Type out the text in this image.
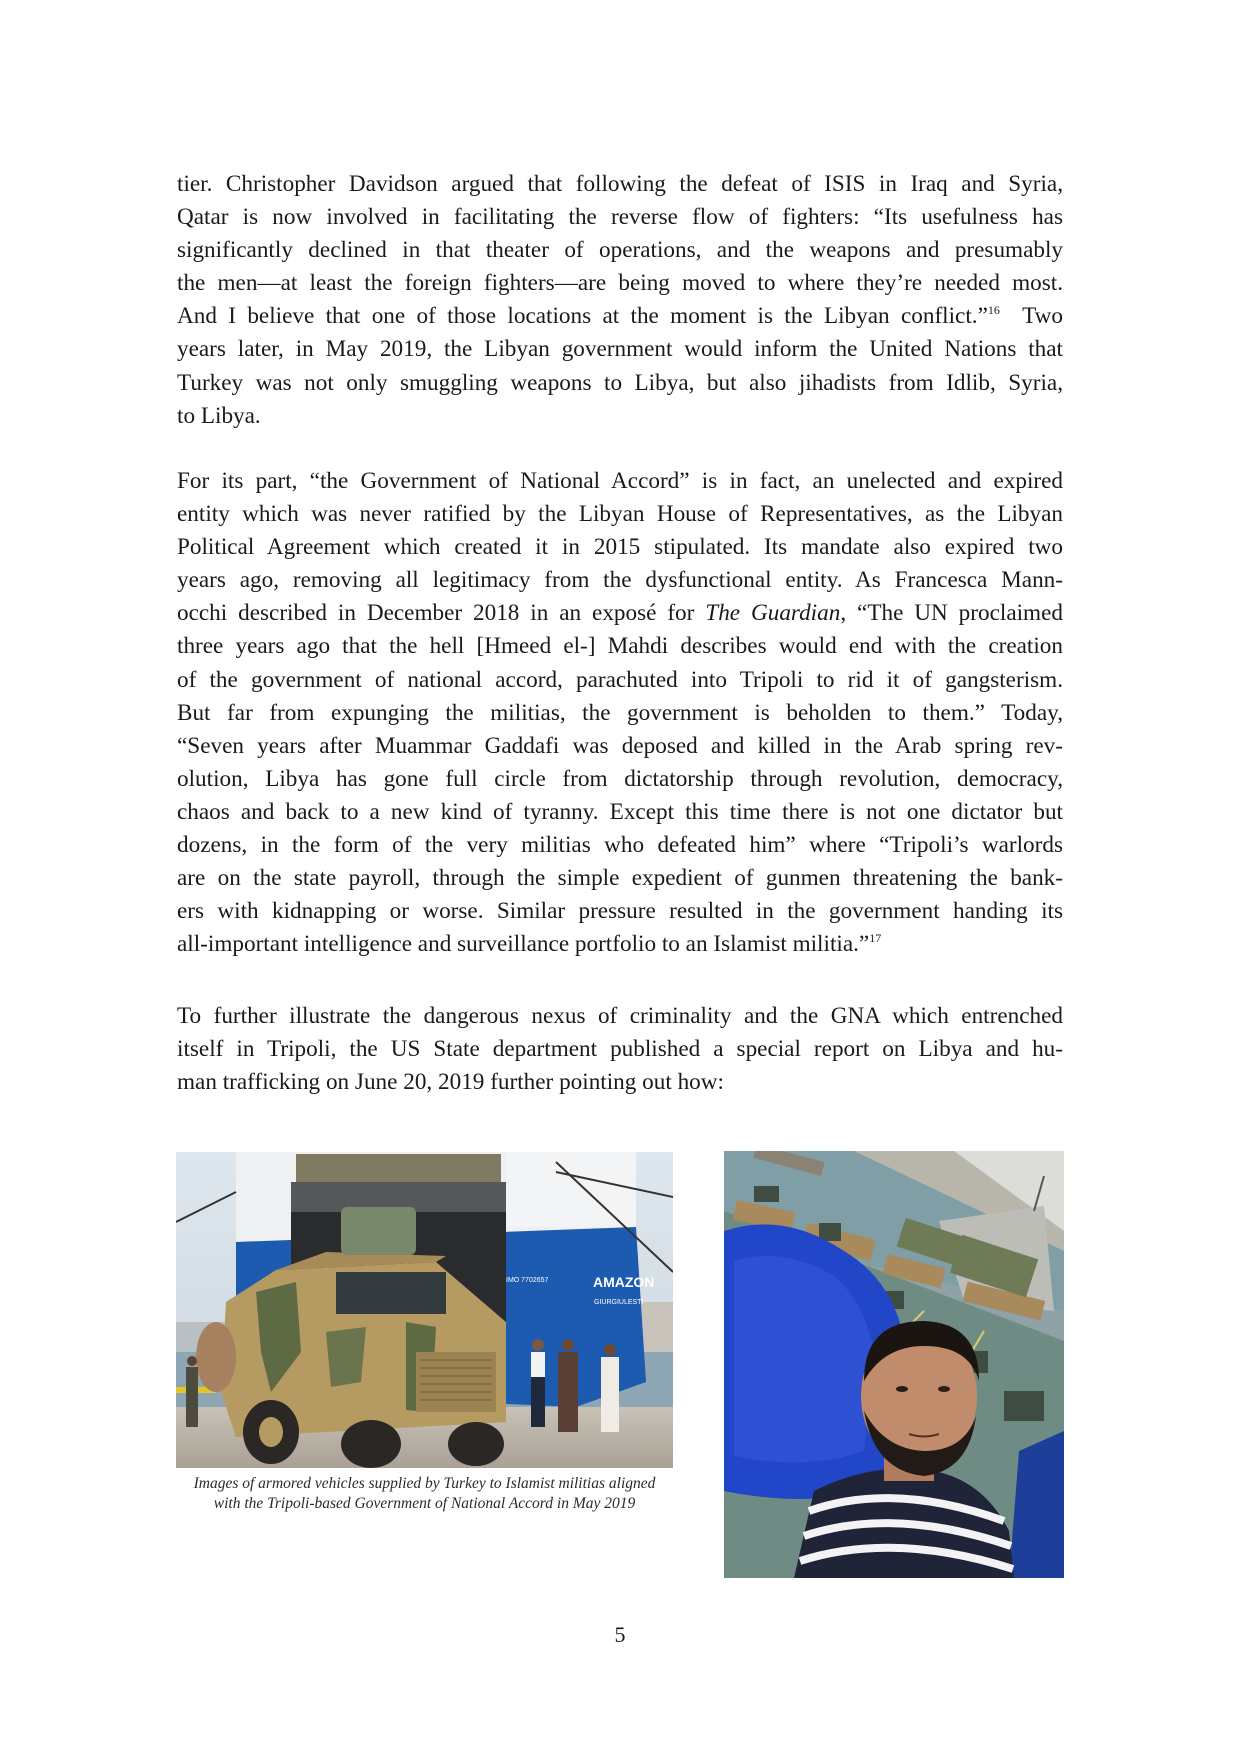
tier. Christopher Davidson argued that following the defeat of ISIS in Iraq and Syria,
Qatar is now involved in facilitating the reverse flow of fighters: “Its usefulness has
significantly declined in that theater of operations, and the weapons and presumably
the men—at least the foreign fighters—are being moved to where they’re needed most.
And I believe that one of those locations at the moment is the Libyan conflict.”$^{16}$  Two
years later, in May 2019, the Libyan government would inform the United Nations that
Turkey was not only smuggling weapons to Libya, but also jihadists from Idlib, Syria,
to Libya.

For its part, “the Government of National Accord” is in fact, an unelected and expired
entity which was never ratified by the Libyan House of Representatives, as the Libyan
Political Agreement which created it in 2015 stipulated. Its mandate also expired two
years ago, removing all legitimacy from the dysfunctional entity. As Francesca Mann-
occhi described in December 2018 in an exposé for The Guardian, “The UN proclaimed
three years ago that the hell [Hmeed el-] Mahdi describes would end with the creation
of the government of national accord, parachuted into Tripoli to rid it of gangsterism.
But far from expunging the militias, the government is beholden to them.” Today,
“Seven years after Muammar Gaddafi was deposed and killed in the Arab spring rev-
olution, Libya has gone full circle from dictatorship through revolution, democracy,
chaos and back to a new kind of tyranny. Except this time there is not one dictator but
dozens, in the form of the very militias who defeated him” where “Tripoli’s warlords
are on the state payroll, through the simple expedient of gunmen threatening the bank-
ers with kidnapping or worse. Similar pressure resulted in the government handing its
all-important intelligence and surveillance portfolio to an Islamist militia.”$^{17}$

To further illustrate the dangerous nexus of criminality and the GNA which entrenched
itself in Tripoli, the US State department published a special report on Libya and hu-
man trafficking on June 20, 2019 further pointing out how:

IMO 7702657	AMAZON
GIURGIULESTI
Images of armored vehicles supplied by Turkey to Islamist militias aligned
with the Tripoli-based Government of National Accord in May 2019
5
